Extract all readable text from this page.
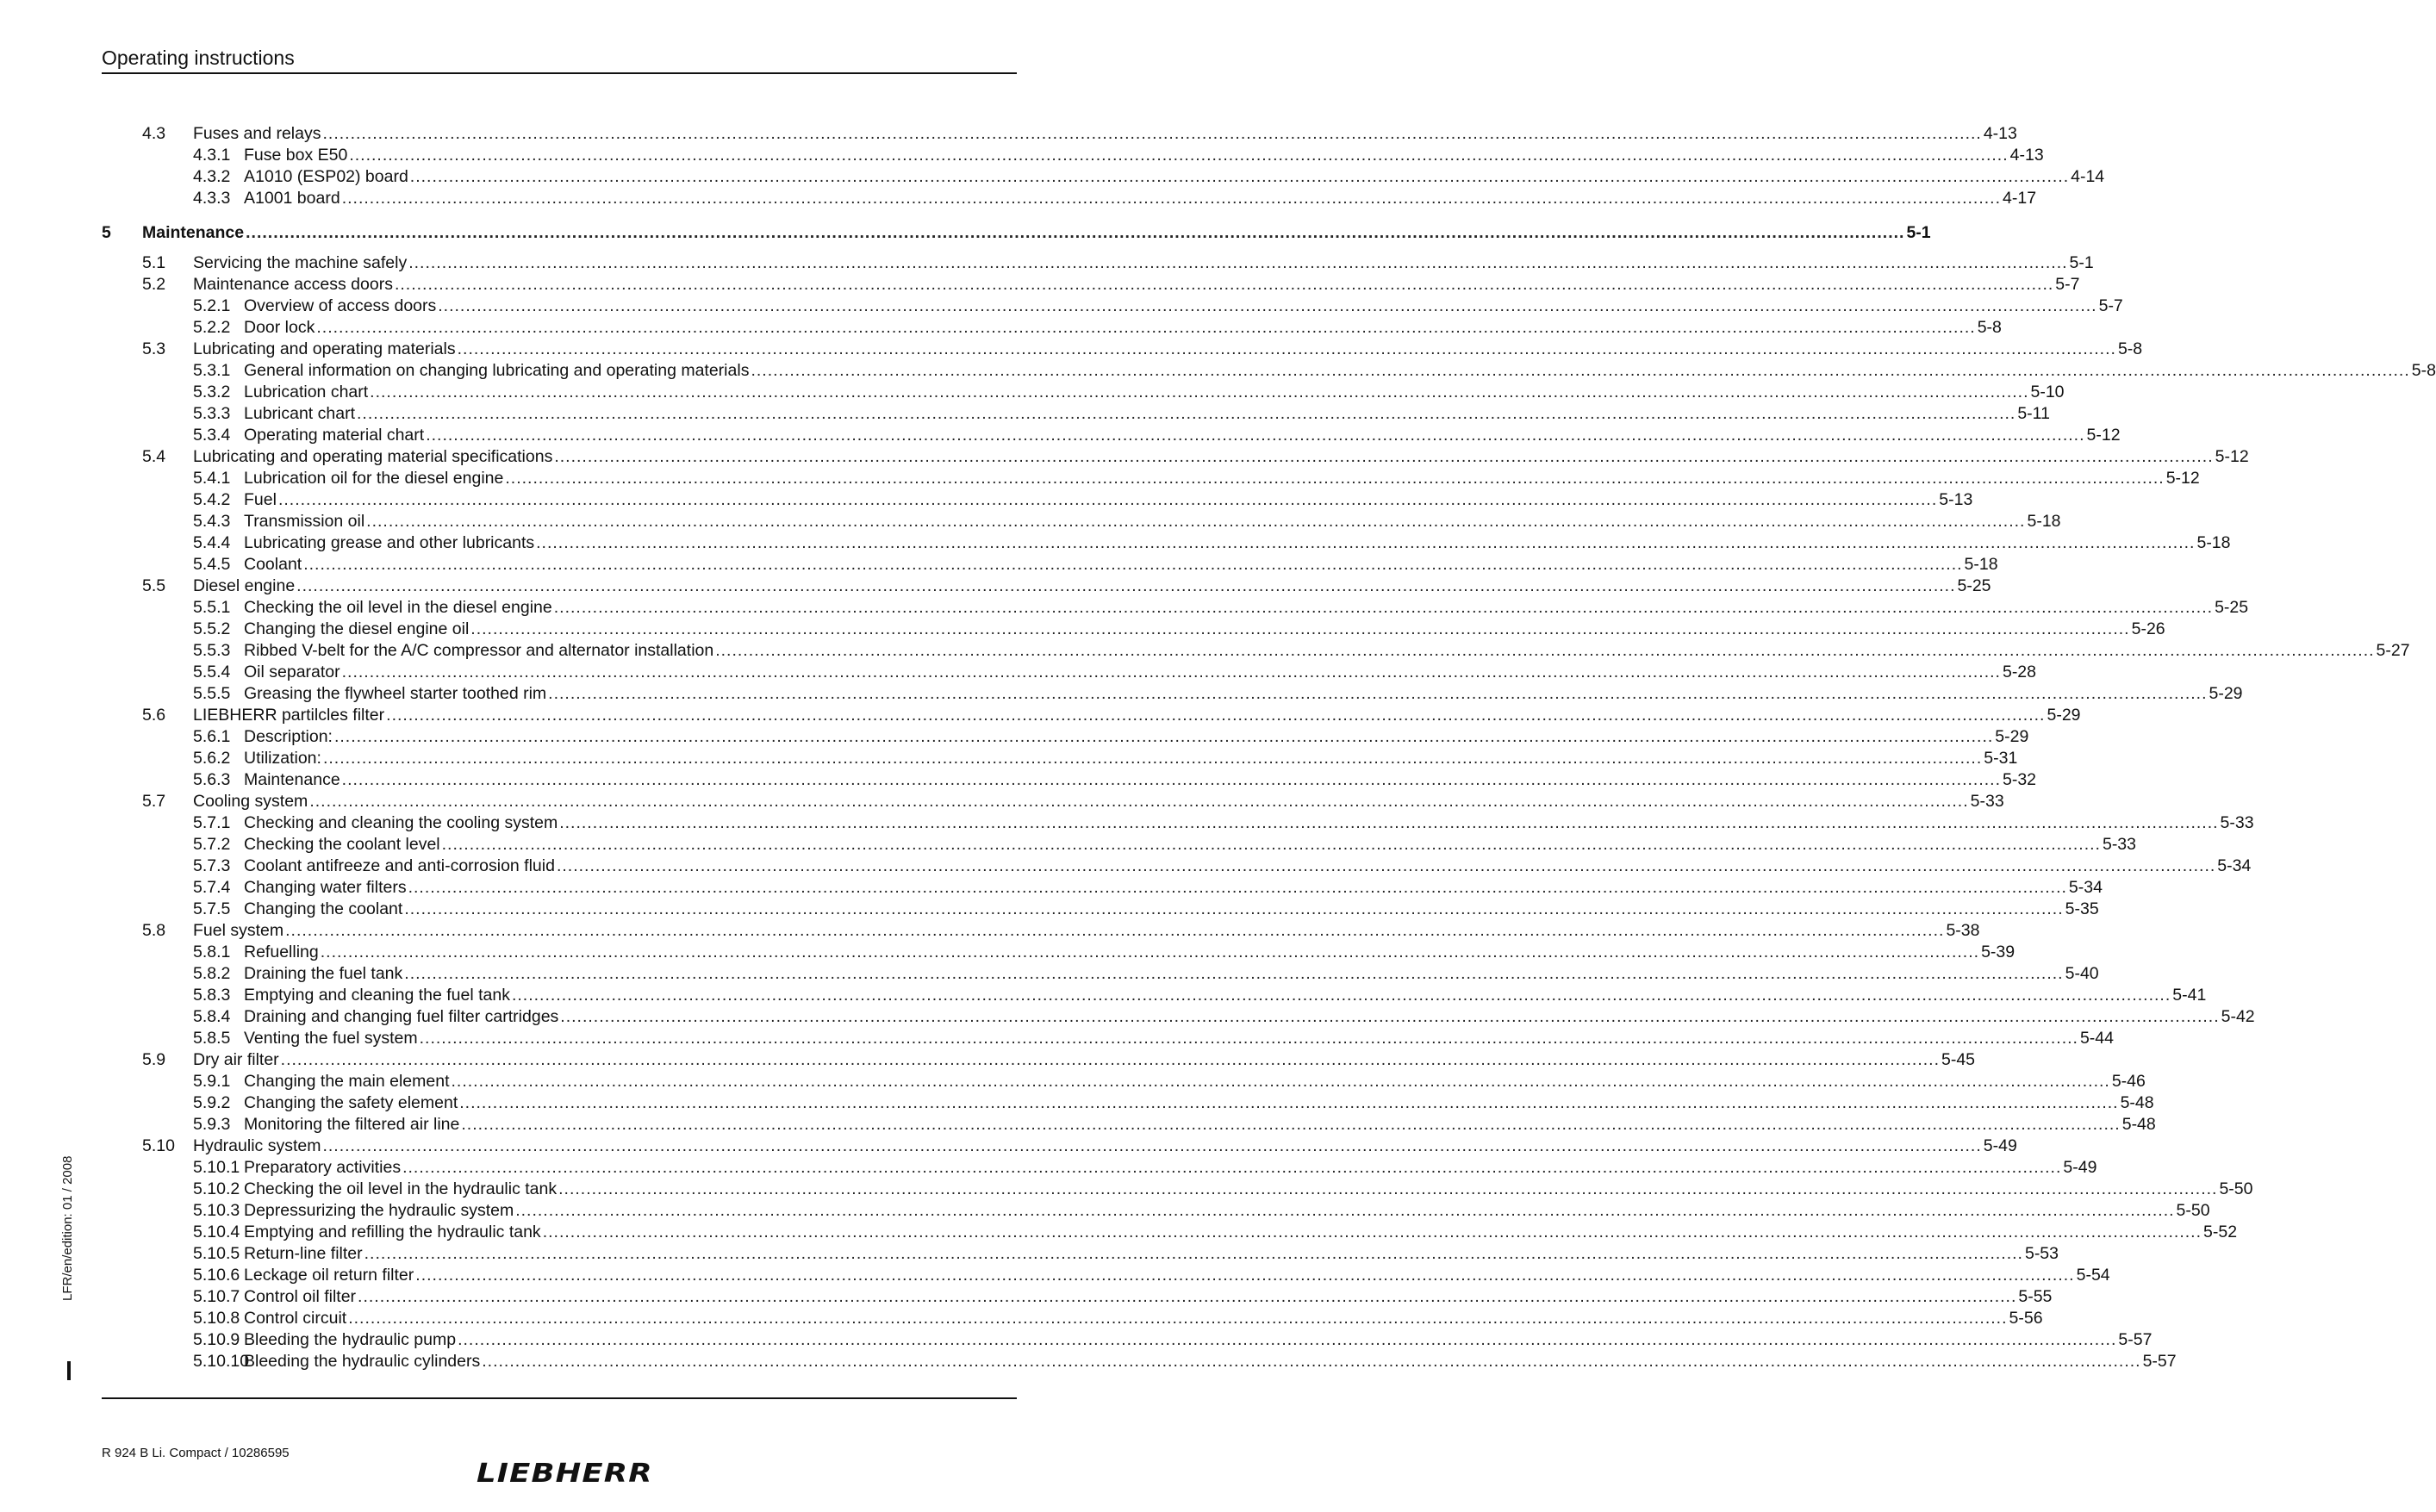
Operating instructions
4.3 Fuses and relays ............................................................................................................................................................................................................................................................................................................ 4-13
4.3.1 Fuse box E50 ............................................................................................................................................................................................................................................................................................................ 4-13
4.3.2 A1010 (ESP02) board ............................................................................................................................................................................................................................................................................................................ 4-14
4.3.3 A1001 board ............................................................................................................................................................................................................................................................................................................ 4-17
5 Maintenance ............................................................................................................................................................................................................................................................................................................ 5-1
5.1 Servicing the machine safely ............................................................................................................................................................................................................................................................................................................ 5-1
5.2 Maintenance access doors ............................................................................................................................................................................................................................................................................................................ 5-7
5.2.1 Overview of access doors ............................................................................................................................................................................................................................................................................................................ 5-7
5.2.2 Door lock ............................................................................................................................................................................................................................................................................................................ 5-8
5.3 Lubricating and operating materials ............................................................................................................................................................................................................................................................................................................ 5-8
5.3.1 General information on changing lubricating and operating materials ............................................................................................................................................................................................................................................................................................................ 5-8
5.3.2 Lubrication chart ............................................................................................................................................................................................................................................................................................................ 5-10
5.3.3 Lubricant chart ............................................................................................................................................................................................................................................................................................................ 5-11
5.3.4 Operating material chart ............................................................................................................................................................................................................................................................................................................ 5-12
5.4 Lubricating and operating material specifications ............................................................................................................................................................................................................................................................................................................ 5-12
5.4.1 Lubrication oil for the diesel engine ............................................................................................................................................................................................................................................................................................................ 5-12
5.4.2 Fuel ............................................................................................................................................................................................................................................................................................................ 5-13
5.4.3 Transmission oil ............................................................................................................................................................................................................................................................................................................ 5-18
5.4.4 Lubricating grease and other lubricants ............................................................................................................................................................................................................................................................................................................ 5-18
5.4.5 Coolant ............................................................................................................................................................................................................................................................................................................ 5-18
5.5 Diesel engine ............................................................................................................................................................................................................................................................................................................ 5-25
5.5.1 Checking the oil level in the diesel engine ............................................................................................................................................................................................................................................................................................................ 5-25
5.5.2 Changing the diesel engine oil ............................................................................................................................................................................................................................................................................................................ 5-26
5.5.3 Ribbed V-belt for the A/C compressor and alternator installation ............................................................................................................................................................................................................................................................................................................ 5-27
5.5.4 Oil separator ............................................................................................................................................................................................................................................................................................................ 5-28
5.5.5 Greasing the flywheel starter toothed rim ............................................................................................................................................................................................................................................................................................................ 5-29
5.6 LIEBHERR partilcles filter ............................................................................................................................................................................................................................................................................................................ 5-29
5.6.1 Description: ............................................................................................................................................................................................................................................................................................................ 5-29
5.6.2 Utilization: ............................................................................................................................................................................................................................................................................................................ 5-31
5.6.3 Maintenance ............................................................................................................................................................................................................................................................................................................ 5-32
5.7 Cooling system ............................................................................................................................................................................................................................................................................................................ 5-33
5.7.1 Checking and cleaning the cooling system ............................................................................................................................................................................................................................................................................................................ 5-33
5.7.2 Checking the coolant level ............................................................................................................................................................................................................................................................................................................ 5-33
5.7.3 Coolant antifreeze and anti-corrosion fluid ............................................................................................................................................................................................................................................................................................................ 5-34
5.7.4 Changing water filters ............................................................................................................................................................................................................................................................................................................ 5-34
5.7.5 Changing the coolant ............................................................................................................................................................................................................................................................................................................ 5-35
5.8 Fuel system ............................................................................................................................................................................................................................................................................................................ 5-38
5.8.1 Refuelling ............................................................................................................................................................................................................................................................................................................ 5-39
5.8.2 Draining the fuel tank ............................................................................................................................................................................................................................................................................................................ 5-40
5.8.3 Emptying and cleaning the fuel tank ............................................................................................................................................................................................................................................................................................................ 5-41
5.8.4 Draining and changing fuel filter cartridges ............................................................................................................................................................................................................................................................................................................ 5-42
5.8.5 Venting the fuel system ............................................................................................................................................................................................................................................................................................................ 5-44
5.9 Dry air filter ............................................................................................................................................................................................................................................................................................................ 5-45
5.9.1 Changing the main element ............................................................................................................................................................................................................................................................................................................ 5-46
5.9.2 Changing the safety element ............................................................................................................................................................................................................................................................................................................ 5-48
5.9.3 Monitoring the filtered air line ............................................................................................................................................................................................................................................................................................................ 5-48
5.10 Hydraulic system ............................................................................................................................................................................................................................................................................................................ 5-49
5.10.1 Preparatory activities ............................................................................................................................................................................................................................................................................................................ 5-49
5.10.2 Checking the oil level in the hydraulic tank ............................................................................................................................................................................................................................................................................................................ 5-50
5.10.3 Depressurizing the hydraulic system ............................................................................................................................................................................................................................................................................................................ 5-50
5.10.4 Emptying and refilling the hydraulic tank ............................................................................................................................................................................................................................................................................................................ 5-52
5.10.5 Return-line filter ............................................................................................................................................................................................................................................................................................................ 5-53
5.10.6 Leckage oil return filter ............................................................................................................................................................................................................................................................................................................ 5-54
5.10.7 Control oil filter ............................................................................................................................................................................................................................................................................................................ 5-55
5.10.8 Control circuit ............................................................................................................................................................................................................................................................................................................ 5-56
5.10.9 Bleeding the hydraulic pump ............................................................................................................................................................................................................................................................................................................ 5-57
5.10.10
Bleeding the hydraulic cylinders ............................................................................................................................................................................................................................................................................................................ 5-57
LFR/en/edition: 01 / 2008
R 924 B Li. Compact / 10286595
LIEBHERR
